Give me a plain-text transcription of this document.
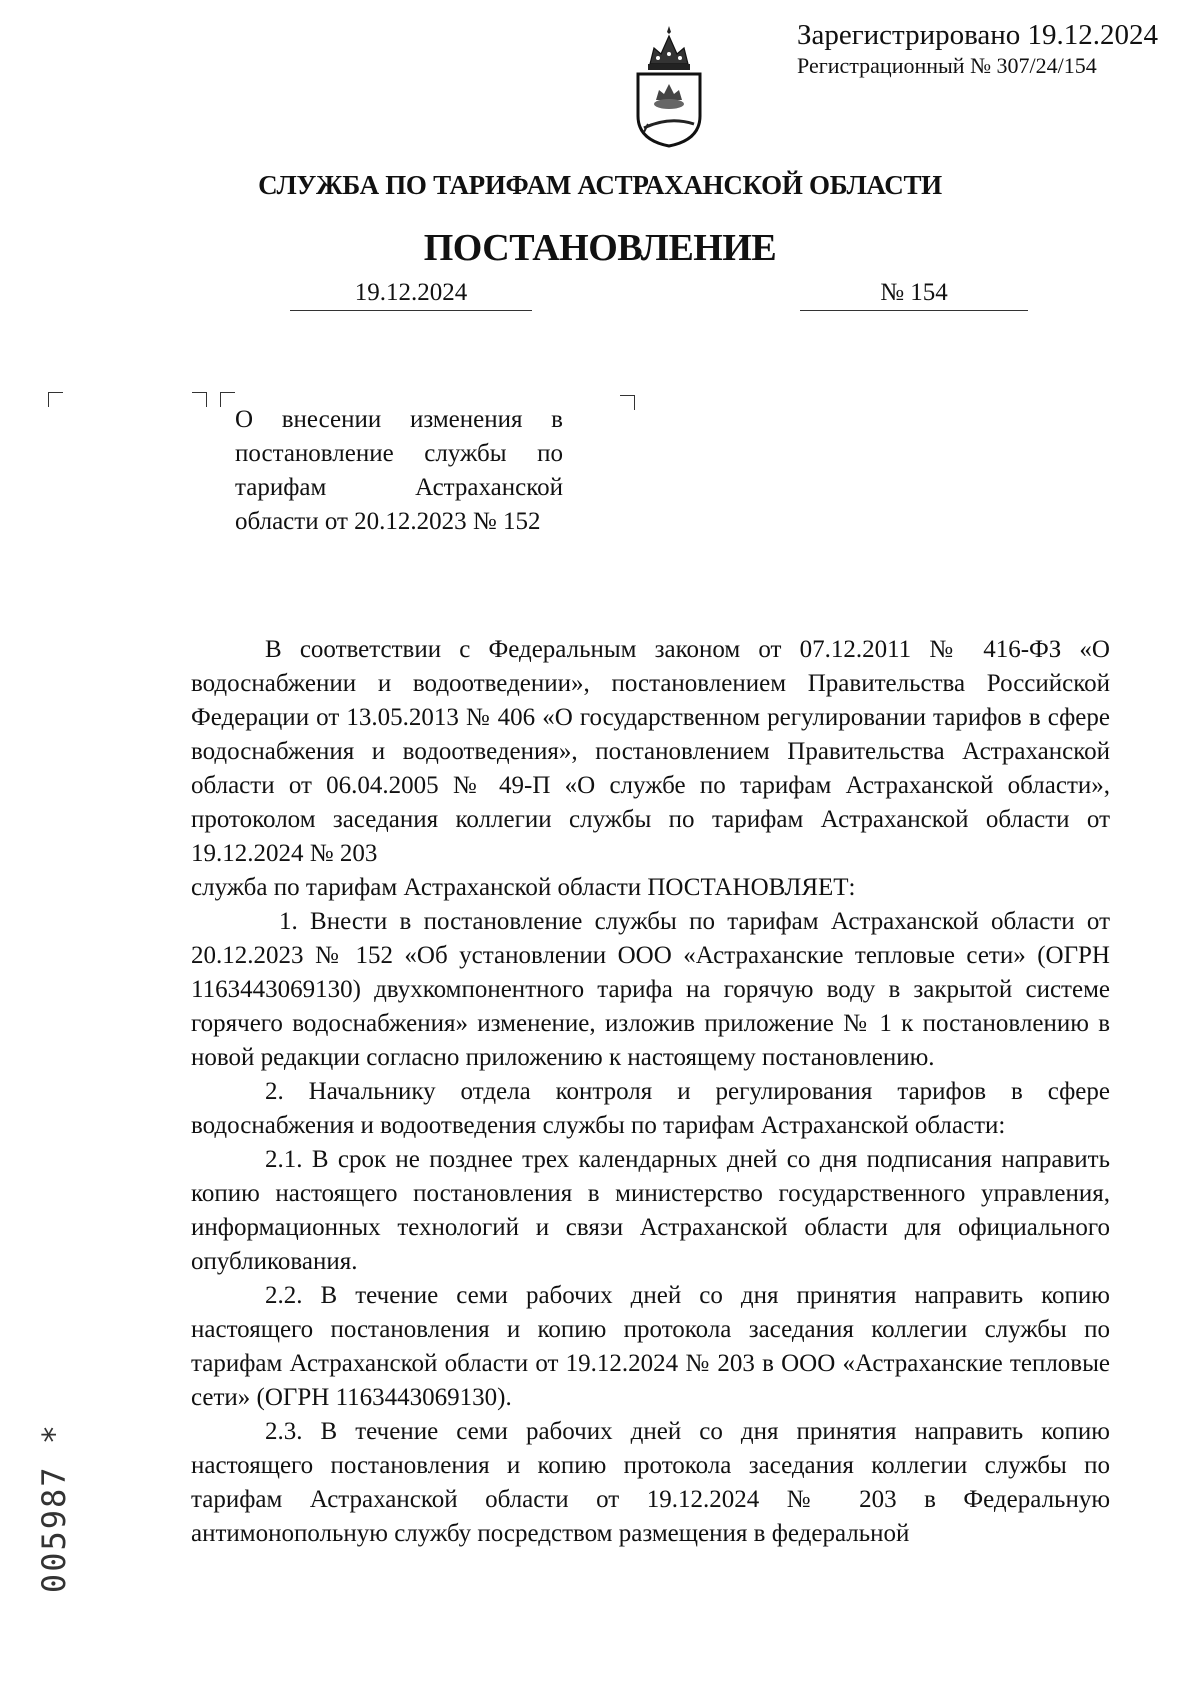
Зарегистрировано 19.12.2024
Регистрационный № 307/24/154
СЛУЖБА ПО ТАРИФАМ АСТРАХАНСКОЙ ОБЛАСТИ
ПОСТАНОВЛЕНИЕ
19.12.2024	№ 154
О внесении изменения в постановление службы по тарифам Астраханской области от 20.12.2023 № 152

В соответствии с Федеральным законом от 07.12.2011 № 416-ФЗ «О водоснабжении и водоотведении», постановлением Правительства Российской Федерации от 13.05.2013 № 406 «О государственном регулировании тарифов в сфере водоснабжения и водоотведения», постановлением Правительства Астраханской области от 06.04.2005 № 49-П «О службе по тарифам Астраханской области», протоколом заседания коллегии службы по тарифам Астраханской области от 19.12.2024 № 203

служба по тарифам Астраханской области ПОСТАНОВЛЯЕТ:

1. Внести в постановление службы по тарифам Астраханской области от 20.12.2023 № 152 «Об установлении ООО «Астраханские тепловые сети» (ОГРН 1163443069130) двухкомпонентного тарифа на горячую воду в закрытой системе горячего водоснабжения» изменение, изложив приложение № 1 к постановлению в новой редакции согласно приложению к настоящему постановлению.

2. Начальнику отдела контроля и регулирования тарифов в сфере водоснабжения и водоотведения службы по тарифам Астраханской области:

2.1. В срок не позднее трех календарных дней со дня подписания направить копию настоящего постановления в министерство государственного управления, информационных технологий и связи Астраханской области для официального опубликования.

2.2. В течение семи рабочих дней со дня принятия направить копию настоящего постановления и копию протокола заседания коллегии службы по тарифам Астраханской области от 19.12.2024 № 203 в ООО «Астраханские тепловые сети» (ОГРН 1163443069130).

2.3. В течение семи рабочих дней со дня принятия направить копию настоящего постановления и копию протокола заседания коллегии службы по тарифам Астраханской области от 19.12.2024 № 203 в Федеральную антимонопольную службу посредством размещения в федеральной

005987 *
